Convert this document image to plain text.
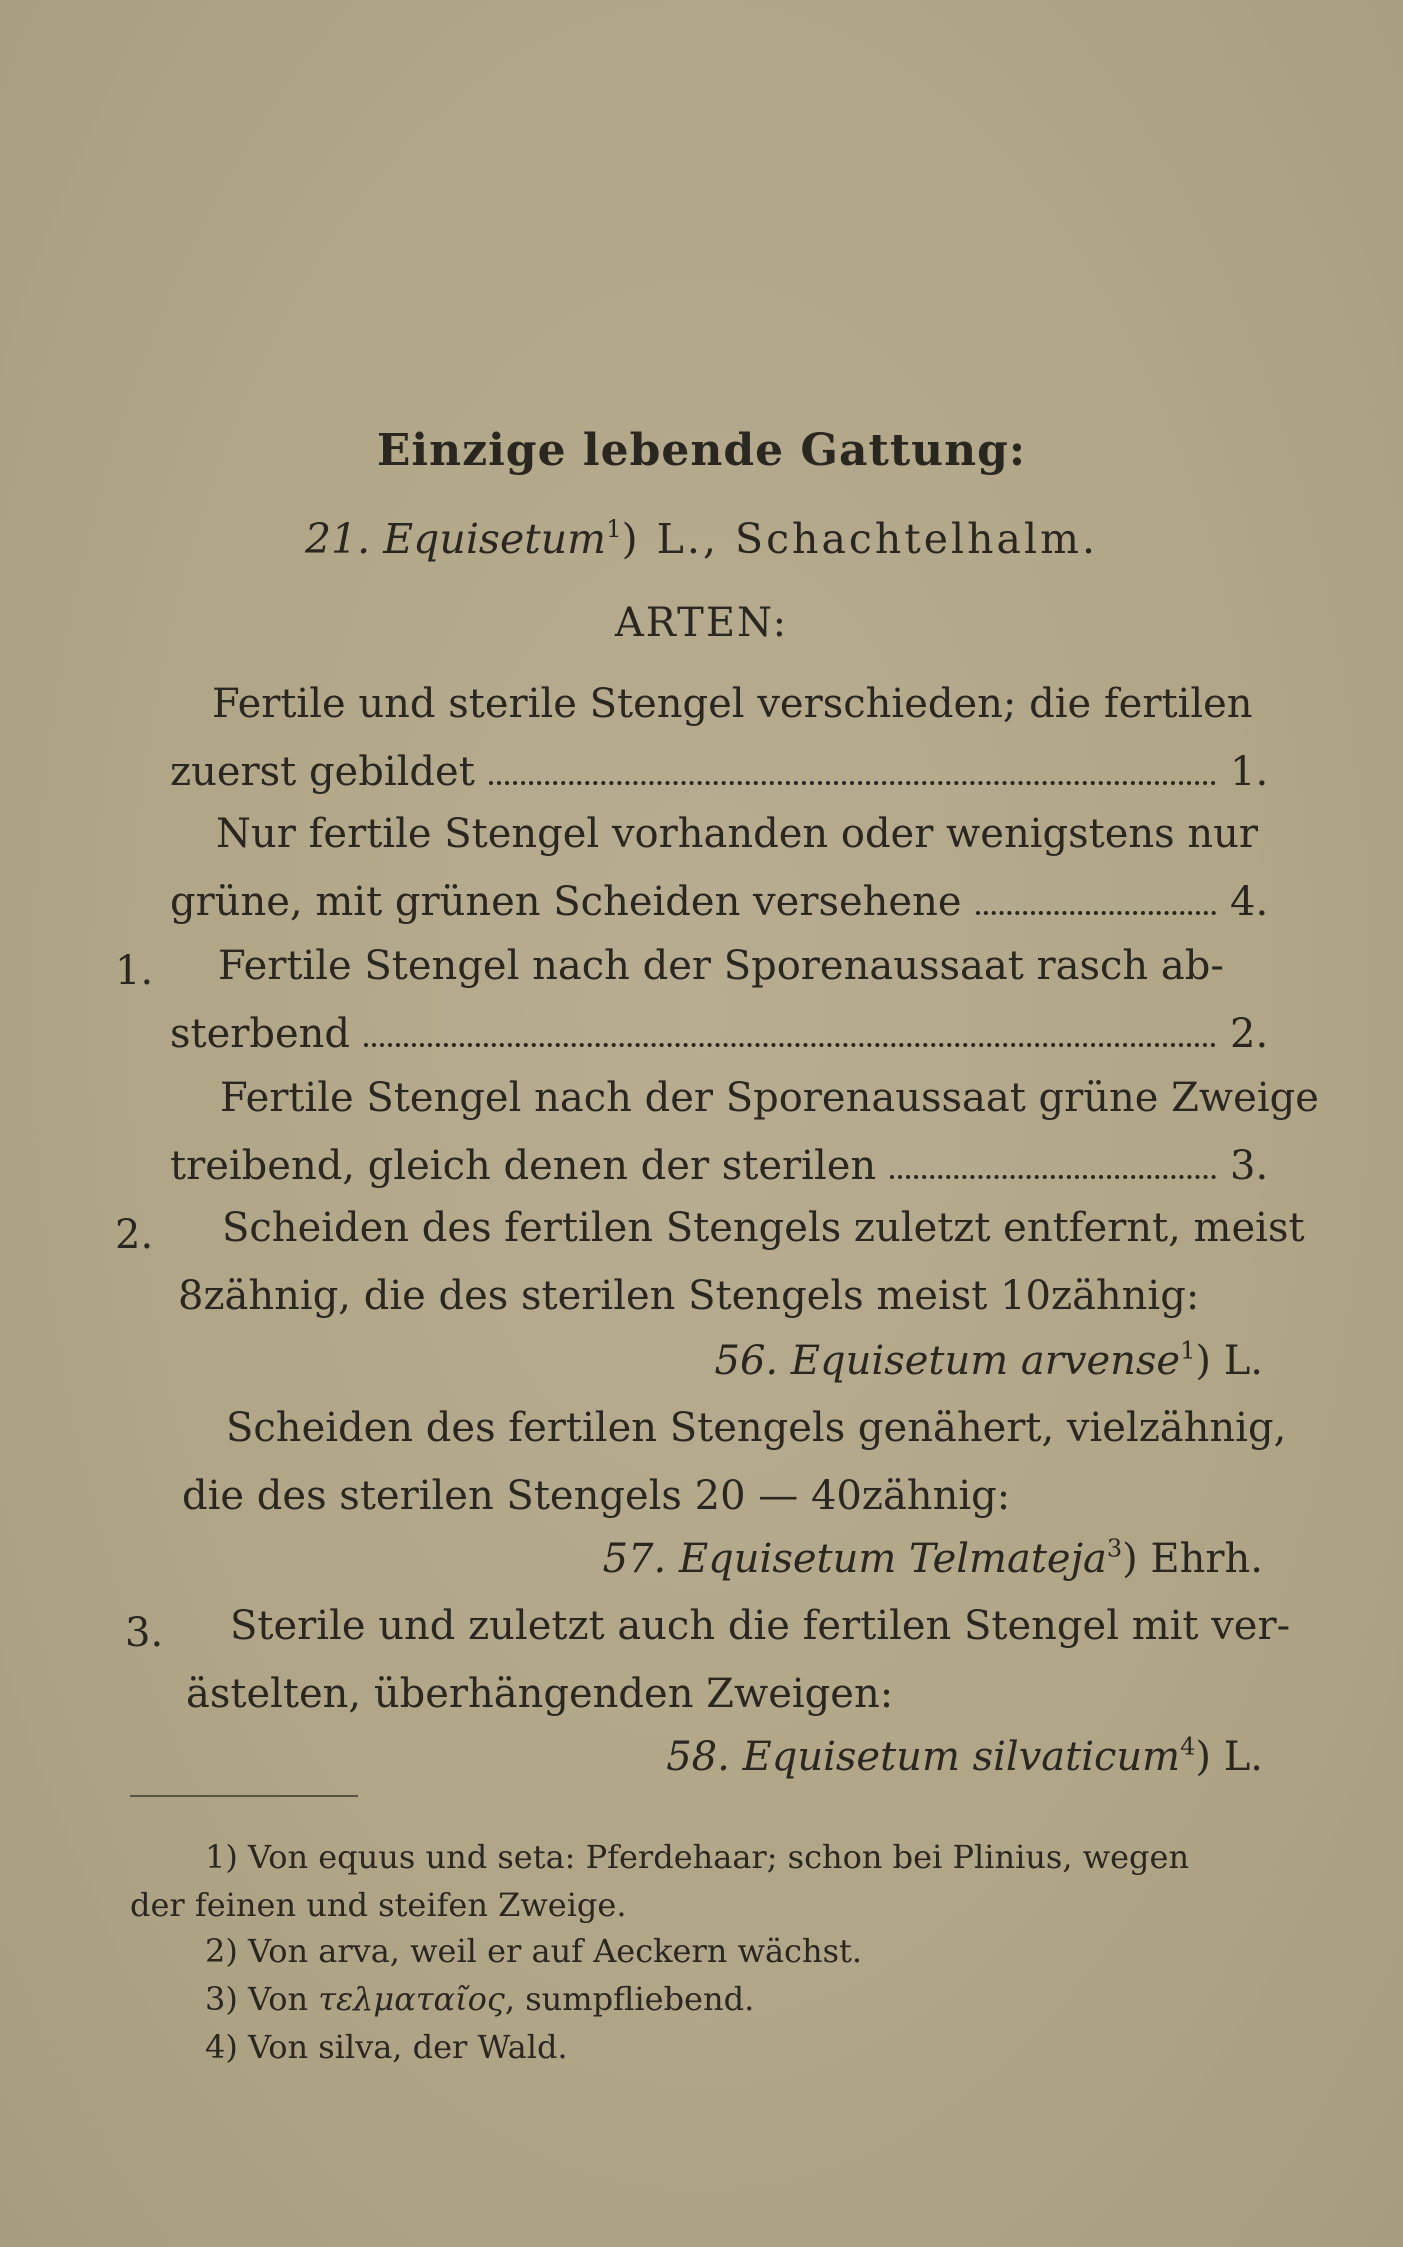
Einzige lebende Gattung:
21. Equisetum$^1$) L., Schachtelhalm.
ARTEN:
Fertile und sterile Stengel verschieden; die fertilen
zuerst gebildet	1.
Nur fertile Stengel vorhanden oder wenigstens nur
grüne, mit grünen Scheiden versehene	4.
1. Fertile Stengel nach der Sporenaussaat rasch ab-
sterbend	2.
Fertile Stengel nach der Sporenaussaat grüne Zweige
treibend, gleich denen der sterilen	3.
2. Scheiden des fertilen Stengels zuletzt entfernt, meist
8zähnig, die des sterilen Stengels meist 10zähnig:
56. Equisetum arvense$^1$) L.
Scheiden des fertilen Stengels genähert, vielzähnig,
die des sterilen Stengels 20 — 40zähnig:
57. Equisetum Telmateja$^3$) Ehrh.
3. Sterile und zuletzt auch die fertilen Stengel mit ver-
ästelten, überhängenden Zweigen:
58. Equisetum silvaticum$^4$) L.
1) Von equus und seta: Pferdehaar; schon bei Plinius, wegen
der feinen und steifen Zweige.
2) Von arva, weil er auf Aeckern wächst.
3) Von τελματαῖος, sumpfliebend.
4) Von silva, der Wald.
